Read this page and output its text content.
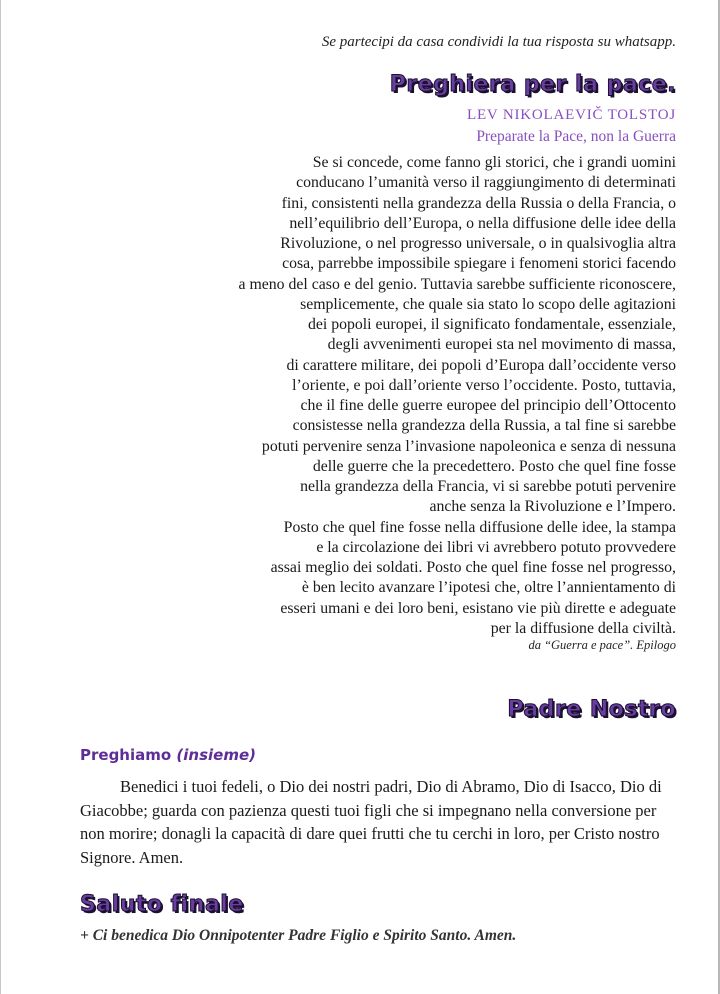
Se partecipi da casa condividi la tua risposta su whatsapp.
Preghiera per la pace.
LEV NIKOLAEVIČ TOLSTOJ
Preparate la Pace, non la Guerra
Se si concede, come fanno gli storici, che i grandi uomini
conducano l’umanità verso il raggiungimento di determinati
fini, consistenti nella grandezza della Russia o della Francia, o
nell’equilibrio dell’Europa, o nella diffusione delle idee della
Rivoluzione, o nel progresso universale, o in qualsivoglia altra
cosa, parrebbe impossibile spiegare i fenomeni storici facendo
a meno del caso e del genio. Tuttavia sarebbe sufficiente riconoscere,
semplicemente, che quale sia stato lo scopo delle agitazioni
dei popoli europei, il significato fondamentale, essenziale,
degli avvenimenti europei sta nel movimento di massa,
di carattere militare, dei popoli d’Europa dall’occidente verso
l’oriente, e poi dall’oriente verso l’occidente. Posto, tuttavia,
che il fine delle guerre europee del principio dell’Ottocento
consistesse nella grandezza della Russia, a tal fine si sarebbe
potuti pervenire senza l’invasione napoleonica e senza di nessuna
delle guerre che la precedettero. Posto che quel fine fosse
nella grandezza della Francia, vi si sarebbe potuti pervenire
anche senza la Rivoluzione e l’Impero.
Posto che quel fine fosse nella diffusione delle idee, la stampa
e la circolazione dei libri vi avrebbero potuto provvedere
assai meglio dei soldati. Posto che quel fine fosse nel progresso,
è ben lecito avanzare l’ipotesi che, oltre l’annientamento di
esseri umani e dei loro beni, esistano vie più dirette e adeguate
per la diffusione della civiltà.
da “Guerra e pace”. Epilogo
Padre Nostro
Preghiamo (insieme)
Benedici i tuoi fedeli, o Dio dei nostri padri, Dio di Abramo, Dio di Isacco, Dio di Giacobbe; guarda con pazienza questi tuoi figli che si impegnano nella conversione per non morire; donagli la capacità di dare quei frutti che tu cerchi in loro, per Cristo nostro Signore. Amen.
Saluto finale
+ Ci benedica Dio Onnipotenter Padre Figlio e Spirito Santo. Amen.
